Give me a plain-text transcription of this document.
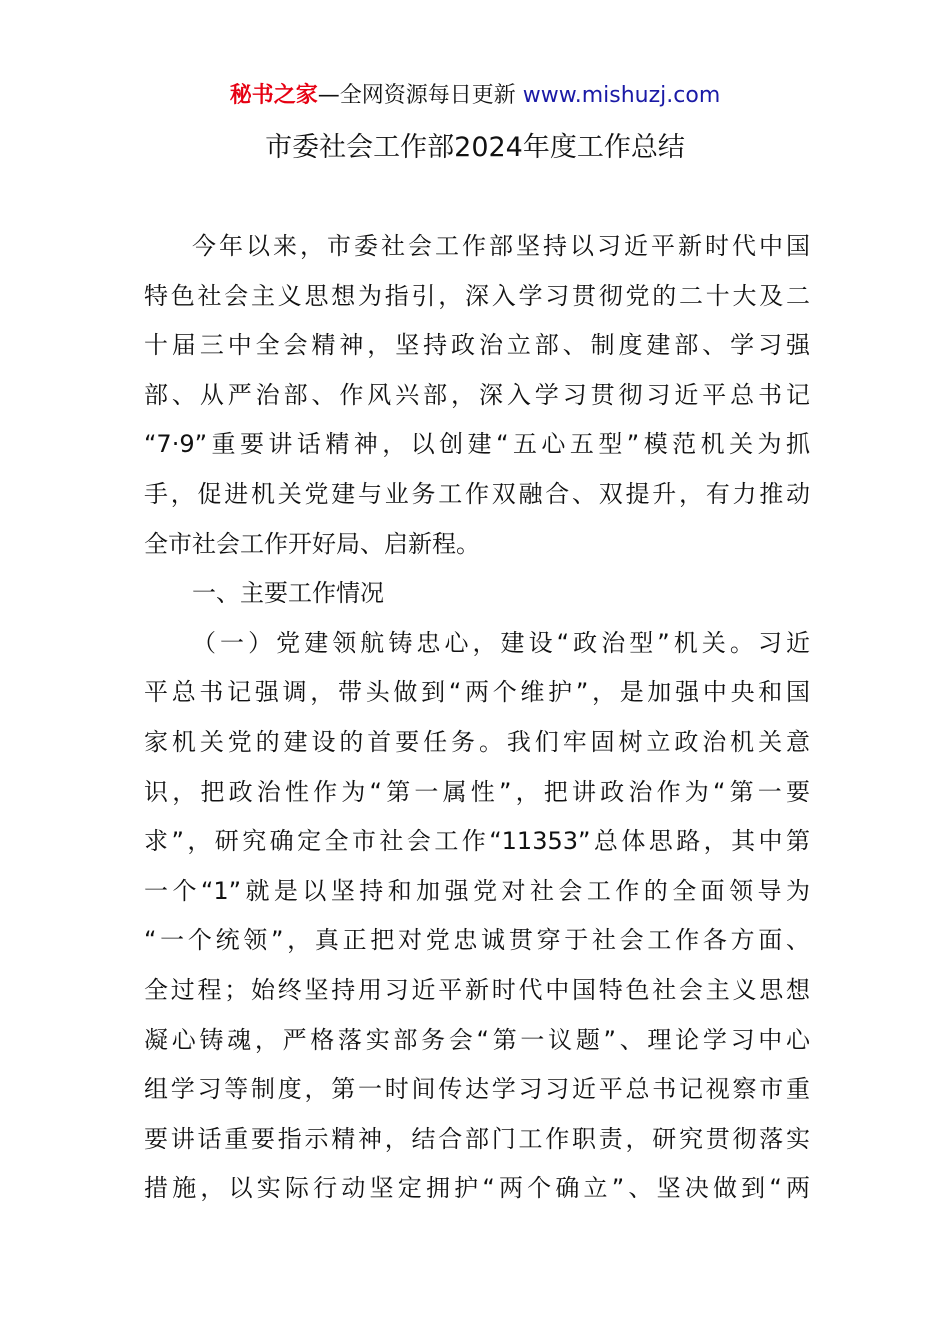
秘书之家—全网资源每日更新 www.mishuzj.com
市委社会工作部2024年度工作总结
今年以来，市委社会工作部坚持以习近平新时代中国
特色社会主义思想为指引，深入学习贯彻党的二十大及二
十届三中全会精神，坚持政治立部、制度建部、学习强
部、从严治部、作风兴部，深入学习贯彻习近平总书记
“7·9”重要讲话精神，以创建“五心五型”模范机关为抓
手，促进机关党建与业务工作双融合、双提升，有力推动
全市社会工作开好局、启新程。
一、主要工作情况
（一）党建领航铸忠心，建设“政治型”机关。习近
平总书记强调，带头做到“两个维护”，是加强中央和国
家机关党的建设的首要任务。我们牢固树立政治机关意
识，把政治性作为“第一属性”，把讲政治作为“第一要
求”，研究确定全市社会工作“11353”总体思路，其中第
一个“1”就是以坚持和加强党对社会工作的全面领导为
“一个统领”，真正把对党忠诚贯穿于社会工作各方面、
全过程；始终坚持用习近平新时代中国特色社会主义思想
凝心铸魂，严格落实部务会“第一议题”、理论学习中心
组学习等制度，第一时间传达学习习近平总书记视察市重
要讲话重要指示精神，结合部门工作职责，研究贯彻落实
措施，以实际行动坚定拥护“两个确立”、坚决做到“两
